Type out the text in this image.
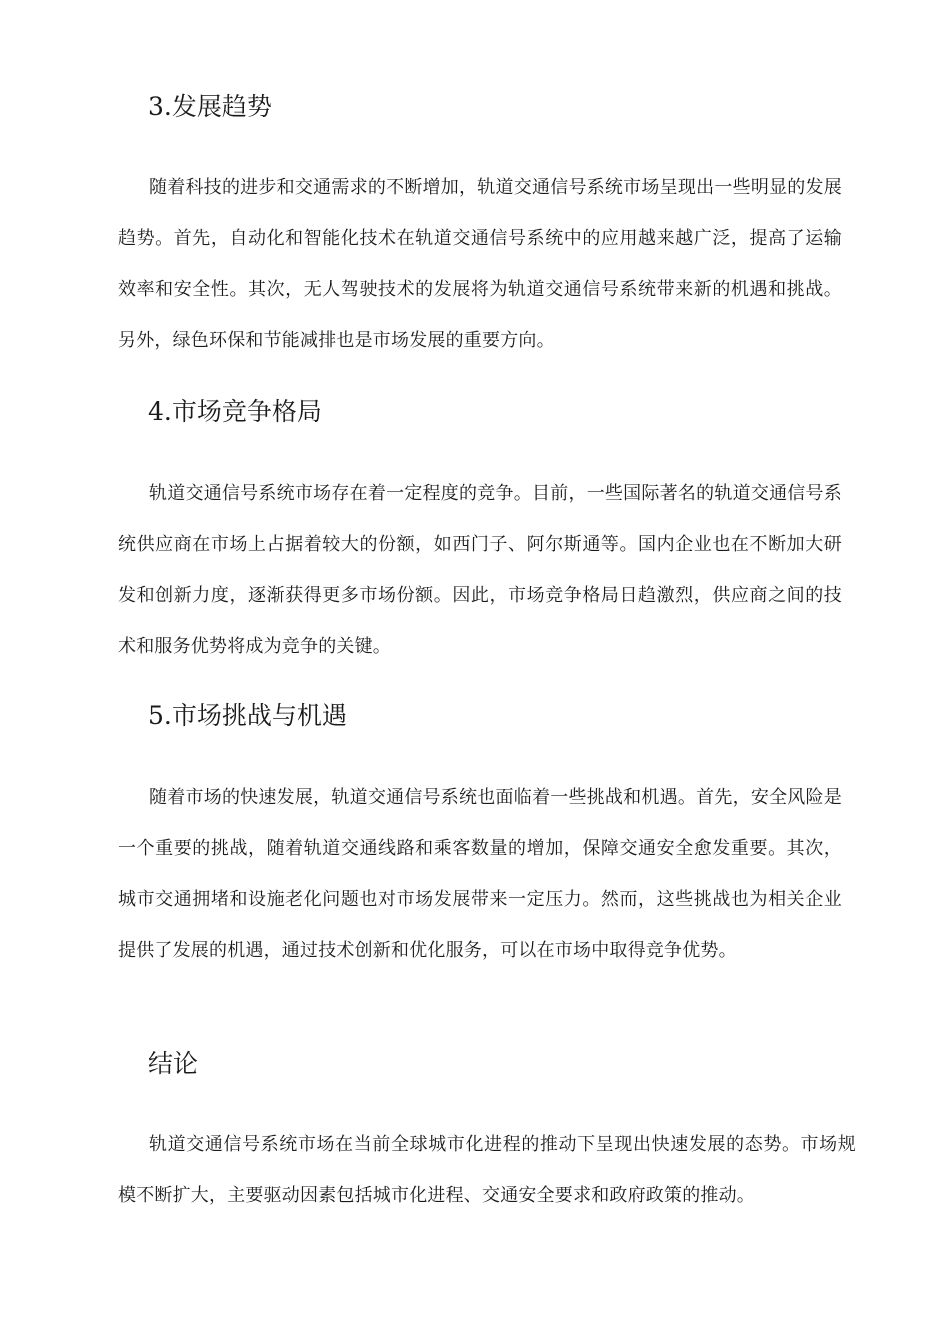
3.发展趋势

随着科技的进步和交通需求的不断增加，轨道交通信号系统市场呈现出一些明显的发展趋势。首先，自动化和智能化技术在轨道交通信号系统中的应用越来越广泛，提高了运输效率和安全性。其次，无人驾驶技术的发展将为轨道交通信号系统带来新的机遇和挑战。另外，绿色环保和节能减排也是市场发展的重要方向。

4.市场竞争格局

轨道交通信号系统市场存在着一定程度的竞争。目前，一些国际著名的轨道交通信号系统供应商在市场上占据着较大的份额，如西门子、阿尔斯通等。国内企业也在不断加大研发和创新力度，逐渐获得更多市场份额。因此，市场竞争格局日趋激烈，供应商之间的技术和服务优势将成为竞争的关键。

5.市场挑战与机遇

随着市场的快速发展，轨道交通信号系统也面临着一些挑战和机遇。首先，安全风险是一个重要的挑战，随着轨道交通线路和乘客数量的增加，保障交通安全愈发重要。其次，城市交通拥堵和设施老化问题也对市场发展带来一定压力。然而，这些挑战也为相关企业提供了发展的机遇，通过技术创新和优化服务，可以在市场中取得竞争优势。

结论

轨道交通信号系统市场在当前全球城市化进程的推动下呈现出快速发展的态势。市场规模不断扩大，主要驱动因素包括城市化进程、交通安全要求和政府政策的推动。
